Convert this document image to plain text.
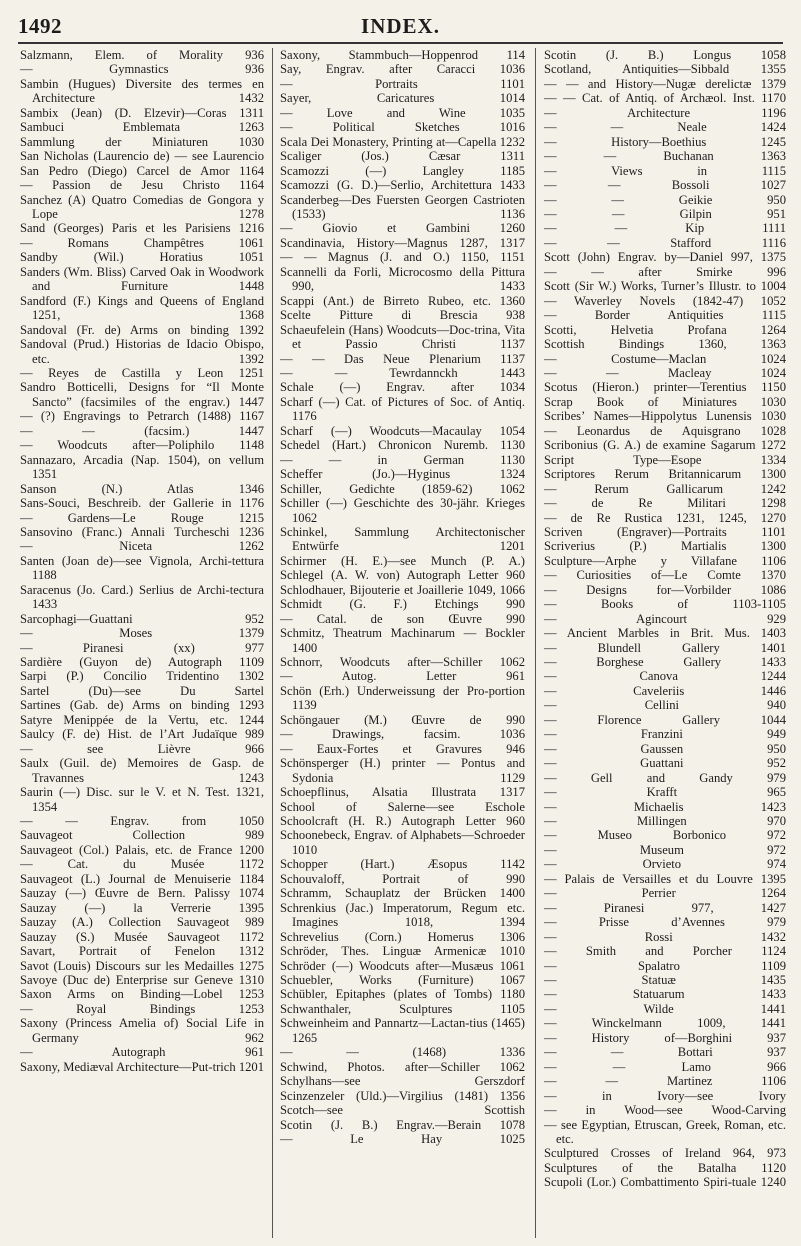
1492	INDEX.

Salzmann, Elem. of Morality 936

— Gymnastics 936

Sambin (Hugues) Diversite des termes en Architecture 1432

Sambix (Jean) (D. Elzevir)—Coras 1311

Sambuci Emblemata 1263

Sammlung der Miniaturen 1030

San Nicholas (Laurencio de) — see Laurencio

San Pedro (Diego) Carcel de Amor 1164

— Passion de Jesu Christo 1164

Sanchez (A) Quatro Comedias de Gongora y Lope 1278

Sand (Georges) Paris et les Parisiens 1216

— Romans Champêtres 1061

Sandby (Wil.) Horatius 1051

Sanders (Wm. Bliss) Carved Oak in Woodwork and Furniture 1448

Sandford (F.) Kings and Queens of England 1251, 1368

Sandoval (Fr. de) Arms on binding 1392

Sandoval (Prud.) Historias de Idacio Obispo, etc. 1392

— Reyes de Castilla y Leon 1251

Sandro Botticelli, Designs for “Il Monte Sancto” (facsimiles of the engrav.) 1447

— (?) Engravings to Petrarch (1488) 1167

— — (facsim.) 1447

— Woodcuts after—Poliphilo 1148

Sannazaro, Arcadia (Nap. 1504), on vellum 1351

Sanson (N.) Atlas 1346

Sans-Souci, Beschreib. der Gallerie in 1176

— Gardens—Le Rouge 1215

Sansovino (Franc.) Annali Turcheschi 1236

— Niceta 1262

Santen (Joan de)—see Vignola, Archi-tettura 1188

Saracenus (Jo. Card.) Serlius de Archi-tectura 1433

Sarcophagi—Guattani 952

— Moses 1379

— Piranesi (xx) 977

Sardière (Guyon de) Autograph 1109

Sarpi (P.) Concilio Tridentino 1302

Sartel (Du)—see Du Sartel

Sartines (Gab. de) Arms on binding 1293

Satyre Menippée de la Vertu, etc. 1244

Saulcy (F. de) Hist. de l’Art Judaïque 989

— see Lièvre 966

Saulx (Guil. de) Memoires de Gasp. de Travannes 1243

Saurin (—) Disc. sur le V. et N. Test. 1321, 1354

— — Engrav. from 1050

Sauvageot Collection 989

Sauvageot (Col.) Palais, etc. de France 1200

— Cat. du Musée 1172

Sauvageot (L.) Journal de Menuiserie 1184

Sauzay (—) Œuvre de Bern. Palissy 1074

Sauzay (—) la Verrerie 1395

Sauzay (A.) Collection Sauvageot 989

Sauzay (S.) Musée Sauvageot 1172

Savart, Portrait of Fenelon 1312

Savot (Louis) Discours sur les Medailles 1275

Savoye (Duc de) Enterprise sur Geneve 1310

Saxon Arms on Binding—Lobel 1253

— Royal Bindings 1253

Saxony (Princess Amelia of) Social Life in Germany 962

— Autograph 961

Saxony, Mediæval Architecture—Put-trich 1201

Saxony, Stammbuch—Hoppenrod 114

Say, Engrav. after Caracci 1036

— Portraits 1101

Sayer, Caricatures 1014

— Love and Wine 1035

— Political Sketches 1016

Scala Dei Monastery, Printing at—Capella 1232

Scaliger (Jos.) Cæsar 1311

Scamozzi (—) Langley 1185

Scamozzi (G. D.)—Serlio, Architettura 1433

Scanderbeg—Des Fuersten Georgen Castrioten (1533) 1136

— Giovio et Gambini 1260

Scandinavia, History—Magnus 1287, 1317

— — Magnus (J. and O.) 1150, 1151

Scannelli da Forli, Microcosmo della Pittura 990, 1433

Scappi (Ant.) de Birreto Rubeo, etc. 1360

Scelte Pitture di Brescia 938

Schaeufelein (Hans) Woodcuts—Doc-trina, Vita et Passio Christi 1137

— — Das Neue Plenarium 1137

— — Tewrdannckh 1443

Schale (—) Engrav. after 1034

Scharf (—) Cat. of Pictures of Soc. of Antiq. 1176

Scharf (—) Woodcuts—Macaulay 1054

Schedel (Hart.) Chronicon Nuremb. 1130

— — in German 1130

Scheffer (Jo.)—Hyginus 1324

Schiller, Gedichte (1859-62) 1062

Schiller (—) Geschichte des 30-jähr. Krieges 1062

Schinkel, Sammlung Architectonischer Entwürfe 1201

Schirmer (H. E.)—see Munch (P. A.)

Schlegel (A. W. von) Autograph Letter 960

Schlodhauer, Bijouterie et Joaillerie 1049, 1066

Schmidt (G. F.) Etchings 990

— Catal. de son Œuvre 990

Schmitz, Theatrum Machinarum — Bockler 1400

Schnorr, Woodcuts after—Schiller 1062

— Autog. Letter 961

Schön (Erh.) Underweissung der Pro-portion 1139

Schöngauer (M.) Œuvre de 990

— Drawings, facsim. 1036

— Eaux-Fortes et Gravures 946

Schönsperger (H.) printer — Pontus and Sydonia 1129

Schoepflinus, Alsatia Illustrata 1317

School of Salerne—see Eschole

Schoolcraft (H. R.) Autograph Letter 960

Schoonebeck, Engrav. of Alphabets—Schroeder 1010

Schopper (Hart.) Æsopus 1142

Schouvaloff, Portrait of 990

Schramm, Schauplatz der Brücken 1400

Schrenkius (Jac.) Imperatorum, Regum etc. Imagines 1018, 1394

Schrevelius (Corn.) Homerus 1306

Schröder, Thes. Linguæ Armenicæ 1010

Schröder (—) Woodcuts after—Musæus 1061

Schuebler, Works (Furniture) 1067

Schübler, Epitaphes (plates of Tombs) 1180

Schwanthaler, Sculptures 1105

Schweinheim and Pannartz—Lactan-tius (1465) 1265

— — (1468) 1336

Schwind, Photos. after—Schiller 1062

Schylhans—see Gerszdorf

Scinzenzeler (Uld.)—Virgilius (1481) 1356

Scotch—see Scottish

Scotin (J. B.) Engrav.—Berain 1078

— Le Hay 1025

Scotin (J. B.) Longus 1058

Scotland, Antiquities—Sibbald 1355

— — and History—Nugæ derelictæ 1379

— — Cat. of Antiq. of Archæol. Inst. 1170

— Architecture 1196

— — Neale 1424

— History—Boethius 1245

— — Buchanan 1363

— Views in 1115

— — Bossoli 1027

— — Geikie 950

— — Gilpin 951

— — Kip 1111

— — Stafford 1116

Scott (John) Engrav. by—Daniel 997, 1375

— — after Smirke 996

Scott (Sir W.) Works, Turner’s Illustr. to 1004

— Waverley Novels (1842-47) 1052

— Border Antiquities 1115

Scotti, Helvetia Profana 1264

Scottish Bindings 1360, 1363

— Costume—Maclan 1024

— — Macleay 1024

Scotus (Hieron.) printer—Terentius 1150

Scrap Book of Miniatures 1030

Scribes’ Names—Hippolytus Lunensis 1030

— Leonardus de Aquisgrano 1028

Scribonius (G. A.) de examine Sagarum 1272

Script Type—Esope 1334

Scriptores Rerum Britannicarum 1300

— Rerum Gallicarum 1242

— de Re Militari 1298

— de Re Rustica 1231, 1245, 1270

Scriven (Engraver)—Portraits 1101

Scriverius (P.) Martialis 1300

Sculpture—Arphe y Villafane 1106

— Curiosities of—Le Comte 1370

— Designs for—Vorbilder 1086

— Books of 1103-1105

— Agincourt 929

— Ancient Marbles in Brit. Mus. 1403

— Blundell Gallery 1401

— Borghese Gallery 1433

— Canova 1244

— Caveleriis 1446

— Cellini 940

— Florence Gallery 1044

— Franzini 949

— Gaussen 950

— Guattani 952

— Gell and Gandy 979

— Krafft 965

— Michaelis 1423

— Millingen 970

— Museo Borbonico 972

— Museum 972

— Orvieto 974

— Palais de Versailles et du Louvre 1395

— Perrier 1264

— Piranesi 977, 1427

— Prisse d’Avennes 979

— Rossi 1432

— Smith and Porcher 1124

— Spalatro 1109

— Statuæ 1435

— Statuarum 1433

— Wilde 1441

— Winckelmann 1009, 1441

— History of—Borghini 937

— — Bottari 937

— — Lamo 966

— — Martinez 1106

— in Ivory—see Ivory

— in Wood—see Wood-Carving

— see Egyptian, Etruscan, Greek, Roman, etc. etc.

Sculptured Crosses of Ireland 964, 973

Sculptures of the Batalha 1120

Scupoli (Lor.) Combattimento Spiri-tuale 1240
